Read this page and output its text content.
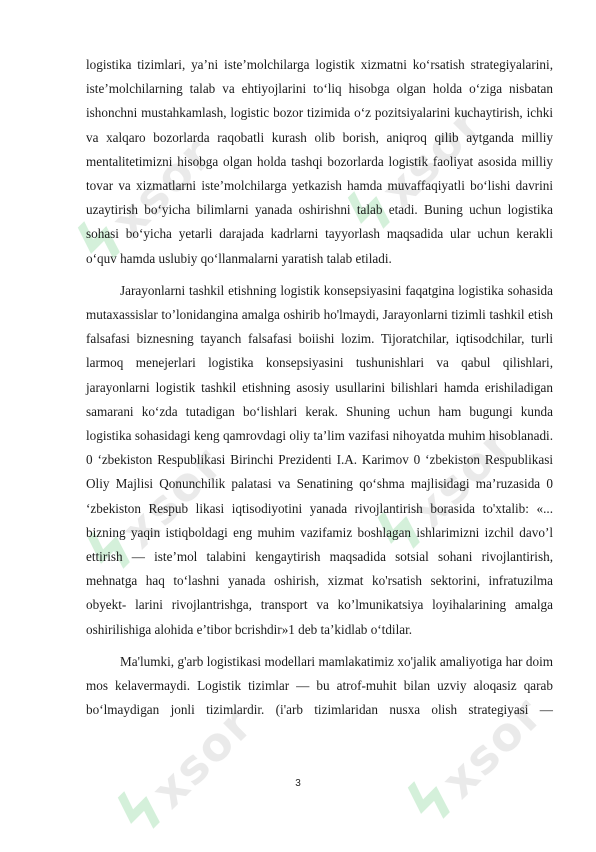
ϟxsor ϟxsor
ϟxsor ϟxsor
ϟxsor ϟxsor

logistika tizimlari, ya’ni iste’molchilarga logistik xizmatni ko‘rsatish strategiyalarini, iste’molchilarning talab va ehtiyojlarini to‘liq hisobga olgan holda o‘ziga nisbatan ishonchni mustahkamlash, logistic bozor tizimida o‘z pozitsiyalarini kuchaytirish, ichki va xalqaro bozorlarda raqobatli kurash olib borish, aniqroq qilib aytganda milliy mentalitetimizni hisobga olgan holda tashqi bozorlarda logistik faoliyat asosida milliy tovar va xizmatlarni iste’molchilarga yetkazish hamda muvaffaqiyatli bo‘lishi davrini uzaytirish bo‘yicha bilimlarni yanada oshirishni talab etadi. Buning uchun logistika sohasi bo‘yicha yetarli darajada kadrlarni tayyorlash maqsadida ular uchun kerakli o‘quv hamda uslubiy qo‘llanmalarni yaratish talab etiladi.

Jarayonlarni tashkil etishning logistik konsepsiyasini faqatgina logistika sohasida mutaxassislar to’lonidangina amalga oshirib ho'lmaydi, Jarayonlarni tizimli tashkil etish falsafasi biznesning tayanch falsafasi boiishi lozim. Tijoratchilar, iqtisodchilar, turli larmoq menejerlari logistika konsepsiyasini tushunishlari va qabul qilishlari, jarayonlarni logistik tashkil etishning asosiy usullarini bilishlari hamda erishiladigan samarani ko‘zda tutadigan bo‘lishlari kerak. Shuning uchun ham bugungi kunda logistika sohasidagi keng qamrovdagi oliy ta’lim vazifasi nihoyatda muhim hisoblanadi. 0 ‘zbekiston Respublikasi Birinchi Prezidenti I.A. Karimov 0 ‘zbekiston Respublikasi Oliy Majlisi Qonunchilik palatasi va Senatining qo‘shma majlisidagi ma’ruzasida 0 ‘zbekiston Respub likasi iqtisodiyotini yanada rivojlantirish borasida to'xtalib: «... bizning yaqin istiqboldagi eng muhim vazifamiz boshlagan ishlarimizni izchil davo’l ettirish — iste’mol talabini kengaytirish maqsadida sotsial sohani rivojlantirish, mehnatga haq to‘lashni yanada oshirish, xizmat ko'rsatish sektorini, infratuzilma obyekt- larini rivojlantrishga, transport va ko’lmunikatsiya loyihalarining amalga oshirilishiga alohida e’tibor bcrishdir»1 deb ta’kidlab o‘tdilar.

Ma'lumki, g'arb logistikasi modellari mamlakatimiz xo'jalik amaliyotiga har doim mos kelavermaydi. Logistik tizimlar — bu atrof-muhit bilan uzviy aloqasiz qarab bo‘lmaydigan jonli tizimlardir. (i'arb tizimlaridan nusxa olish strategiyasi —

3
